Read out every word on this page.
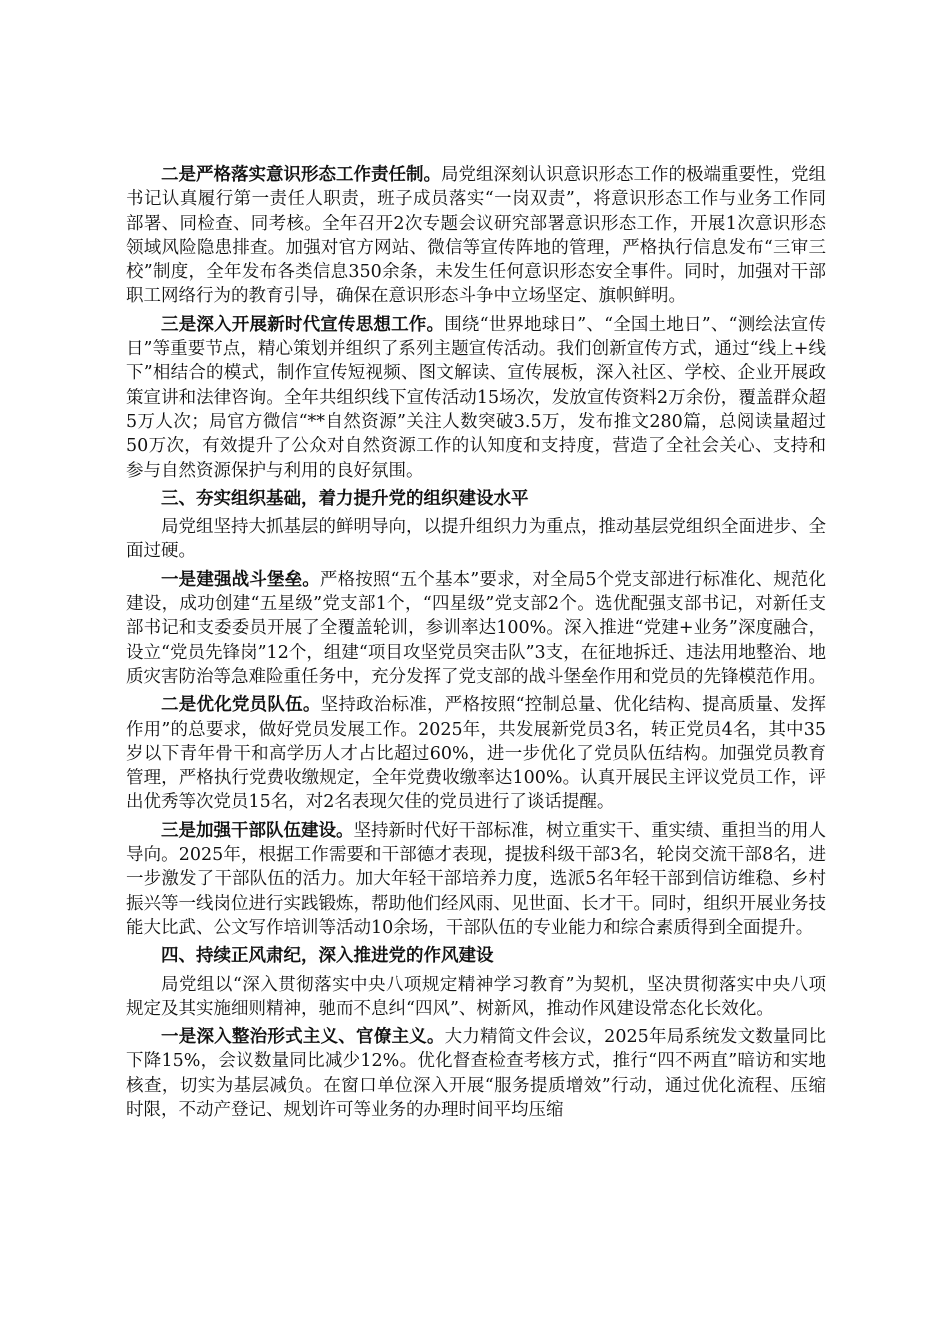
二是严格落实意识形态工作责任制。局党组深刻认识意识形态工作的极端重要性，党组书记认真履行第一责任人职责，班子成员落实“一岗双责”，将意识形态工作与业务工作同部署、同检查、同考核。全年召开2次专题会议研究部署意识形态工作，开展1次意识形态领域风险隐患排查。加强对官方网站、微信等宣传阵地的管理，严格执行信息发布“三审三校”制度，全年发布各类信息350余条，未发生任何意识形态安全事件。同时，加强对干部职工网络行为的教育引导，确保在意识形态斗争中立场坚定、旗帜鲜明。

三是深入开展新时代宣传思想工作。围绕“世界地球日”、“全国土地日”、“测绘法宣传日”等重要节点，精心策划并组织了系列主题宣传活动。我们创新宣传方式，通过“线上+线下”相结合的模式，制作宣传短视频、图文解读、宣传展板，深入社区、学校、企业开展政策宣讲和法律咨询。全年共组织线下宣传活动15场次，发放宣传资料2万余份，覆盖群众超5万人次；局官方微信“**自然资源”关注人数突破3.5万，发布推文280篇，总阅读量超过50万次，有效提升了公众对自然资源工作的认知度和支持度，营造了全社会关心、支持和参与自然资源保护与利用的良好氛围。

三、夯实组织基础，着力提升党的组织建设水平

局党组坚持大抓基层的鲜明导向，以提升组织力为重点，推动基层党组织全面进步、全面过硬。

一是建强战斗堡垒。严格按照“五个基本”要求，对全局5个党支部进行标准化、规范化建设，成功创建“五星级”党支部1个，“四星级”党支部2个。选优配强支部书记，对新任支部书记和支委委员开展了全覆盖轮训，参训率达100%。深入推进“党建+业务”深度融合，设立“党员先锋岗”12个，组建“项目攻坚党员突击队”3支，在征地拆迁、违法用地整治、地质灾害防治等急难险重任务中，充分发挥了党支部的战斗堡垒作用和党员的先锋模范作用。

二是优化党员队伍。坚持政治标准，严格按照“控制总量、优化结构、提高质量、发挥作用”的总要求，做好党员发展工作。2025年，共发展新党员3名，转正党员4名，其中35岁以下青年骨干和高学历人才占比超过60%，进一步优化了党员队伍结构。加强党员教育管理，严格执行党费收缴规定，全年党费收缴率达100%。认真开展民主评议党员工作，评出优秀等次党员15名，对2名表现欠佳的党员进行了谈话提醒。

三是加强干部队伍建设。坚持新时代好干部标准，树立重实干、重实绩、重担当的用人导向。2025年，根据工作需要和干部德才表现，提拔科级干部3名，轮岗交流干部8名，进一步激发了干部队伍的活力。加大年轻干部培养力度，选派5名年轻干部到信访维稳、乡村振兴等一线岗位进行实践锻炼，帮助他们经风雨、见世面、长才干。同时，组织开展业务技能大比武、公文写作培训等活动10余场，干部队伍的专业能力和综合素质得到全面提升。

四、持续正风肃纪，深入推进党的作风建设

局党组以“深入贯彻落实中央八项规定精神学习教育”为契机，坚决贯彻落实中央八项规定及其实施细则精神，驰而不息纠“四风”、树新风，推动作风建设常态化长效化。

一是深入整治形式主义、官僚主义。大力精简文件会议，2025年局系统发文数量同比下降15%，会议数量同比减少12%。优化督查检查考核方式，推行“四不两直”暗访和实地核查，切实为基层减负。在窗口单位深入开展“服务提质增效”行动，通过优化流程、压缩时限，不动产登记、规划许可等业务的办理时间平均压缩
